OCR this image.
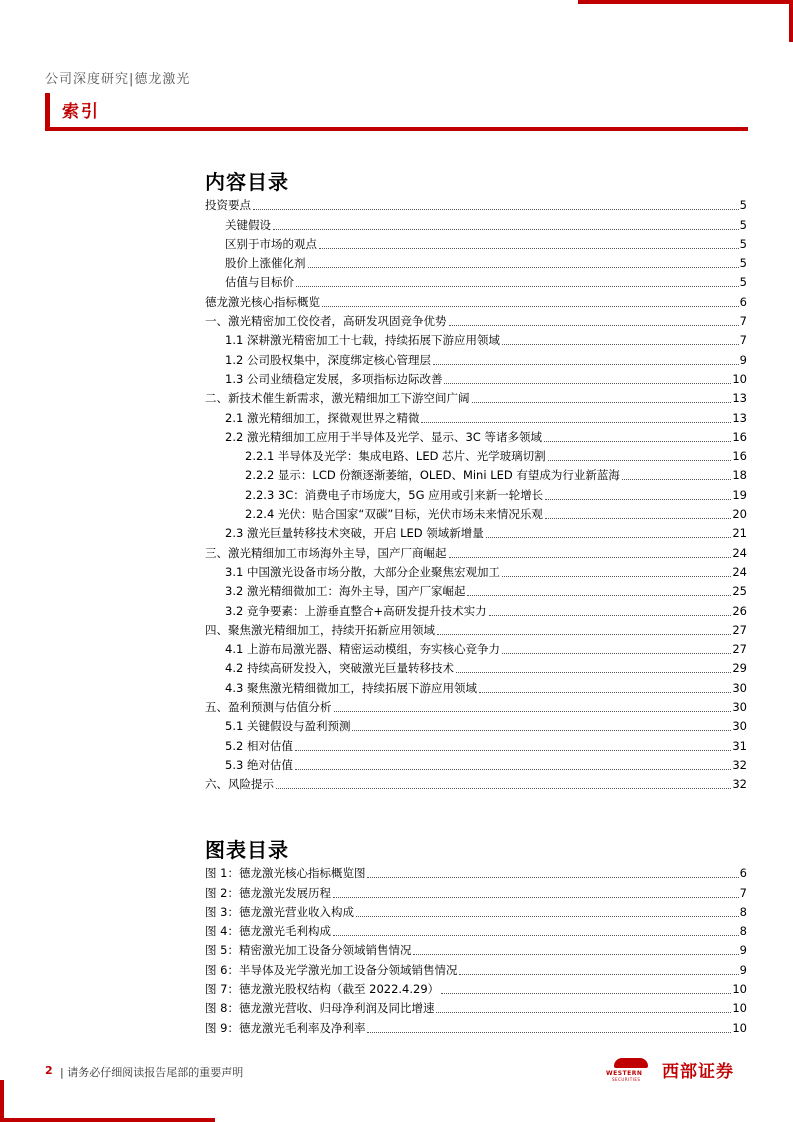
公司深度研究|德龙激光
索引
内容目录
投资要点	5
关键假设	5
区别于市场的观点	5
股价上涨催化剂	5
估值与目标价	5
德龙激光核心指标概览	6
一、激光精密加工佼佼者，高研发巩固竞争优势	7
1.1 深耕激光精密加工十七载，持续拓展下游应用领域	7
1.2 公司股权集中，深度绑定核心管理层	9
1.3 公司业绩稳定发展，多项指标边际改善	10
二、新技术催生新需求，激光精细加工下游空间广阔	13
2.1 激光精细加工，探微观世界之精微	13
2.2 激光精细加工应用于半导体及光学、显示、3C 等诸多领域	16
2.2.1 半导体及光学：集成电路、LED 芯片、光学玻璃切割	16
2.2.2 显示：LCD 份额逐渐萎缩，OLED、Mini LED 有望成为行业新蓝海	18
2.2.3 3C：消费电子市场庞大，5G 应用或引来新一轮增长	19
2.2.4 光伏：贴合国家“双碳”目标，光伏市场未来情况乐观	20
2.3 激光巨量转移技术突破，开启 LED 领域新增量	21
三、激光精细加工市场海外主导，国产厂商崛起	24
3.1 中国激光设备市场分散，大部分企业聚焦宏观加工	24
3.2 激光精细微加工：海外主导，国产厂家崛起	25
3.2 竞争要素：上游垂直整合+高研发提升技术实力	26
四、聚焦激光精细加工，持续开拓新应用领域	27
4.1 上游布局激光器、精密运动模组，夯实核心竞争力	27
4.2 持续高研发投入，突破激光巨量转移技术	29
4.3 聚焦激光精细微加工，持续拓展下游应用领域	30
五、盈利预测与估值分析	30
5.1 关键假设与盈利预测	30
5.2 相对估值	31
5.3 绝对估值	32
六、风险提示	32
图表目录
图 1：德龙激光核心指标概览图	6
图 2：德龙激光发展历程	7
图 3：德龙激光营业收入构成	8
图 4：德龙激光毛利构成	8
图 5：精密激光加工设备分领域销售情况	9
图 6：半导体及光学激光加工设备分领域销售情况	9
图 7：德龙激光股权结构（截至 2022.4.29）	10
图 8：德龙激光营收、归母净利润及同比增速	10
图 9：德龙激光毛利率及净利率	10
2 | 请务必仔细阅读报告尾部的重要声明	WESTERN
SECURITIES 西部证券
